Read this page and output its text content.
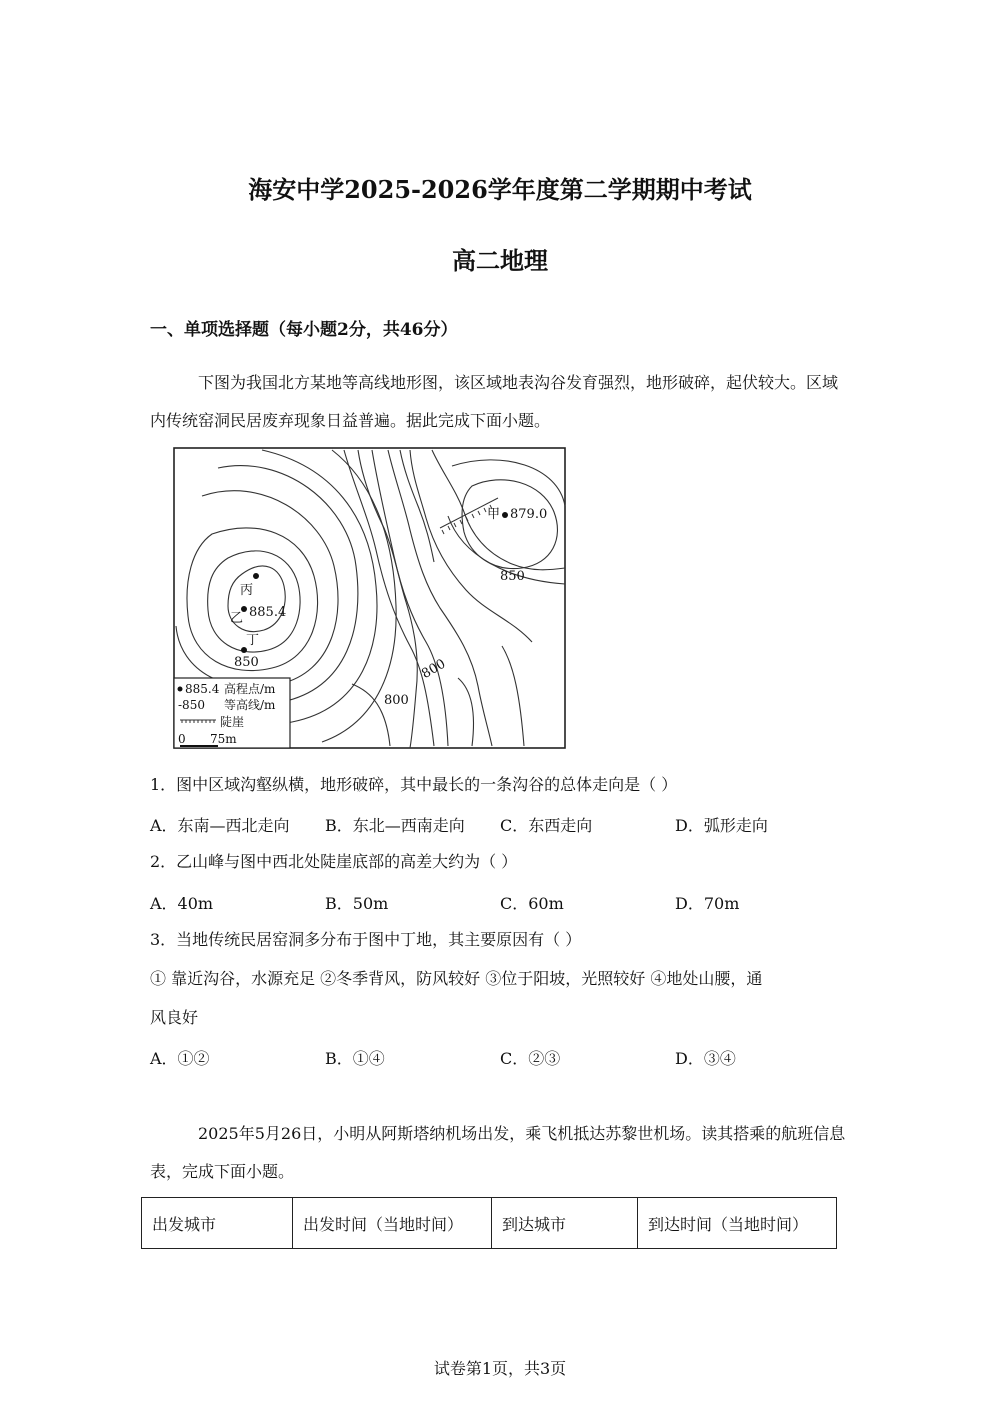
海安中学2025-2026学年度第二学期期中考试
高二地理
一、单项选择题（每小题2分，共46分）
下图为我国北方某地等高线地形图，该区域地表沟谷发育强烈，地形破碎，起伏较大。区域内传统窑洞民居废弃现象日益普遍。据此完成下面小题。
甲 879.0
850
丙
乙 885.4
丁
850	800
800
885.4 高程点/m
-850 等高线/m
陡崖
0 75m
1．图中区域沟壑纵横，地形破碎，其中最长的一条沟谷的总体走向是（ ）
A．东南—西北走向 B．东北—西南走向 C．东西走向	D．弧形走向
2．乙山峰与图中西北处陡崖底部的高差大约为（ ）
A．40m	B．50m	C．60m	D．70m
3．当地传统民居窑洞多分布于图中丁地，其主要原因有（ ）
① 靠近沟谷，水源充足 ②冬季背风，防风较好 ③位于阳坡，光照较好 ④地处山腰，通
风良好
A．①②	B．①④	C．②③	D．③④
2025年5月26日，小明从阿斯塔纳机场出发，乘飞机抵达苏黎世机场。读其搭乘的航班信息表，完成下面小题。
出发城市	出发时间（当地时间）	到达城市	到达时间（当地时间）
试卷第1页，共3页
